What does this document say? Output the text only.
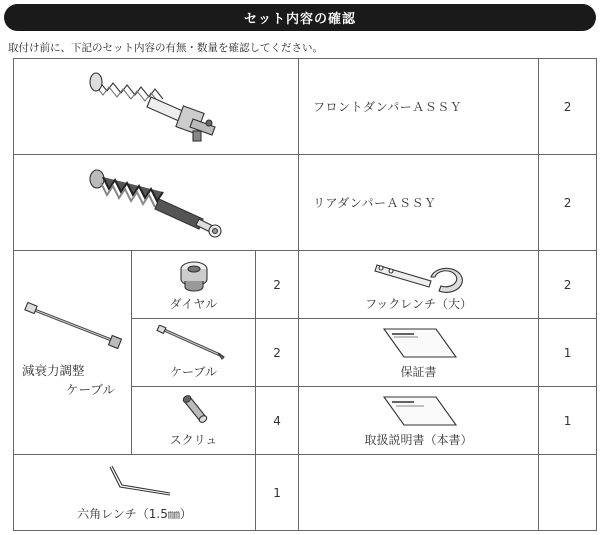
セット内容の確認
取付け前に、下記のセット内容の有無・数量を確認してください。
	フロントダンパーＡＳＳＹ	2

	リアダンパーＡＳＳＹ	2

減衰力調整
ケーブル	ダイヤル	2	フックレンチ（大）	2

	ケーブル	2	保証書	1

	スクリュ	4	取扱説明書（本書）	1

六角レンチ（1.5㎜）		1		
